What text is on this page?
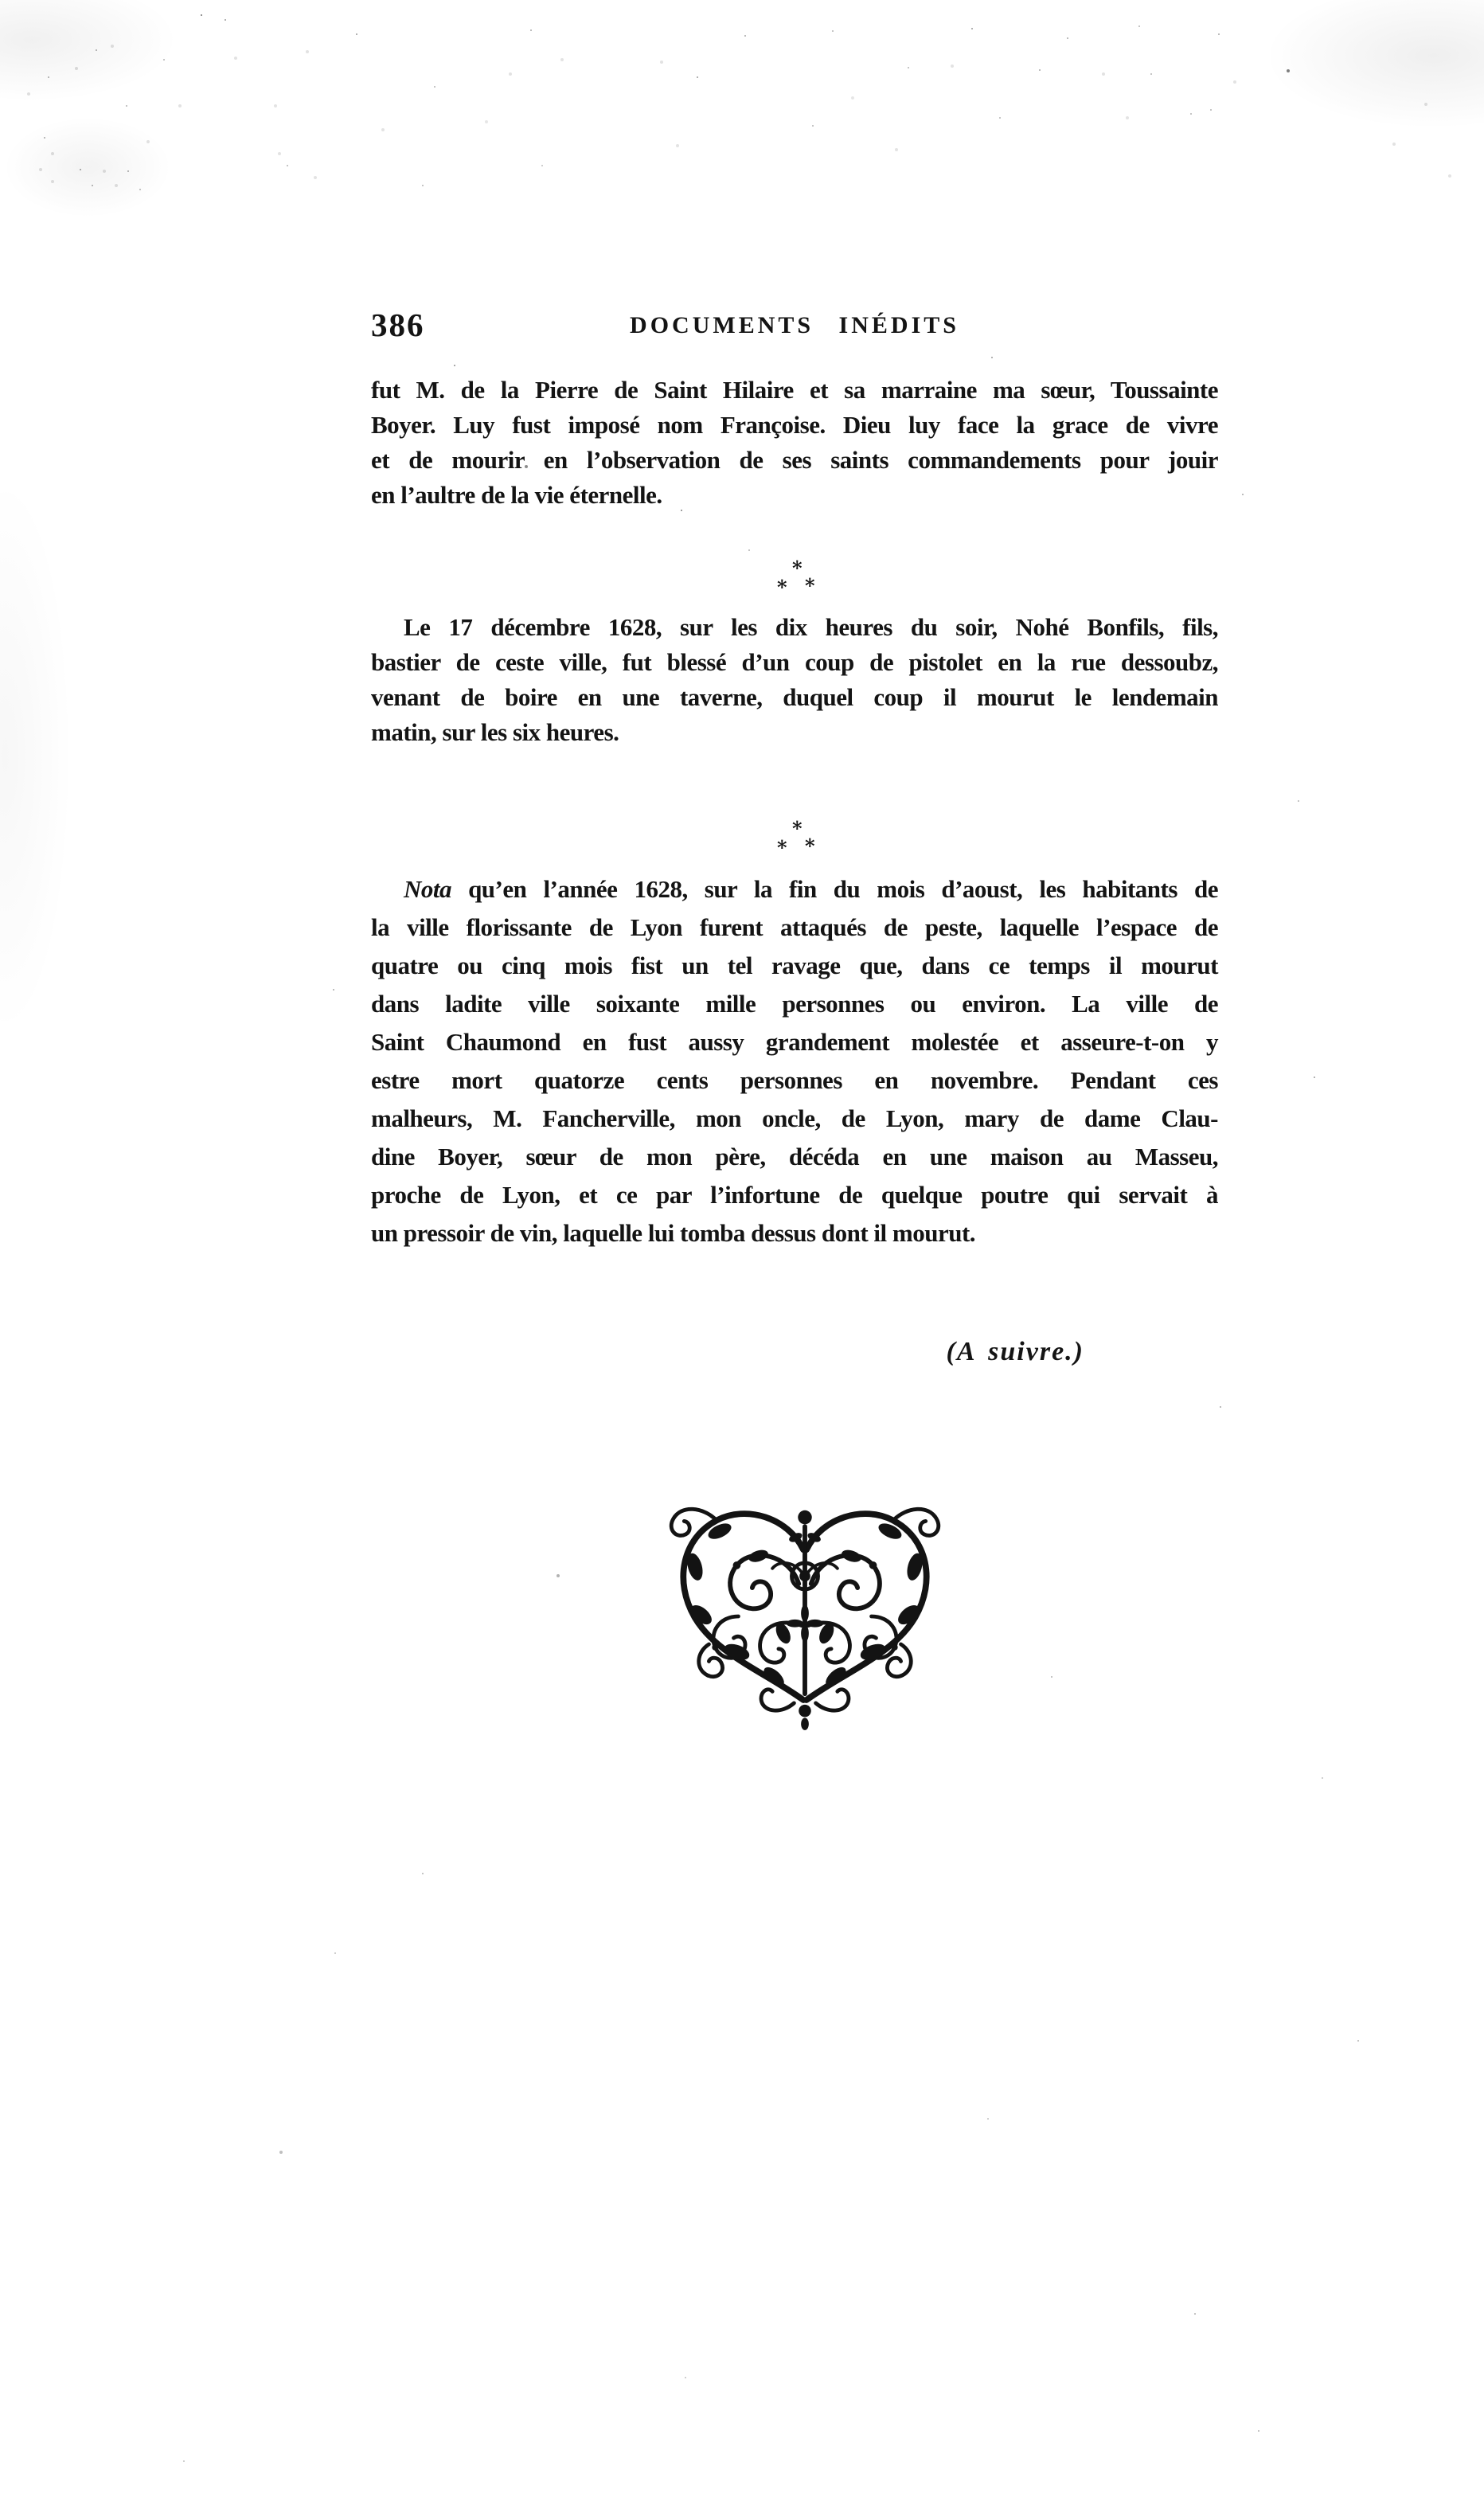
386	DOCUMENTS INÉDITS
fut M. de la Pierre de Saint Hilaire et sa marraine ma sœur, Toussainte
Boyer. Luy fust imposé nom Françoise. Dieu luy face la grace de vivre
et de mourir en l’observation de ses saints commandements pour jouir
en l’aultre de la vie éternelle.
*
* *
Le 17 décembre 1628, sur les dix heures du soir, Nohé Bonfils, fils,
bastier de ceste ville, fut blessé d’un coup de pistolet en la rue dessoubz,
venant de boire en une taverne, duquel coup il mourut le lendemain
matin, sur les six heures.
*
* *
Nota qu’en l’année 1628, sur la fin du mois d’aoust, les habitants de
la ville florissante de Lyon furent attaqués de peste, laquelle l’espace de
quatre ou cinq mois fist un tel ravage que, dans ce temps il mourut
dans ladite ville soixante mille personnes ou environ. La ville de
Saint Chaumond en fust aussy grandement molestée et asseure-t-on y
estre mort quatorze cents personnes en novembre. Pendant ces
malheurs, M. Fancherville, mon oncle, de Lyon, mary de dame Clau-
dine Boyer, sœur de mon père, décéda en une maison au Masseu,
proche de Lyon, et ce par l’infortune de quelque poutre qui servait à
un pressoir de vin, laquelle lui tomba dessus dont il mourut.
(A suivre.)
